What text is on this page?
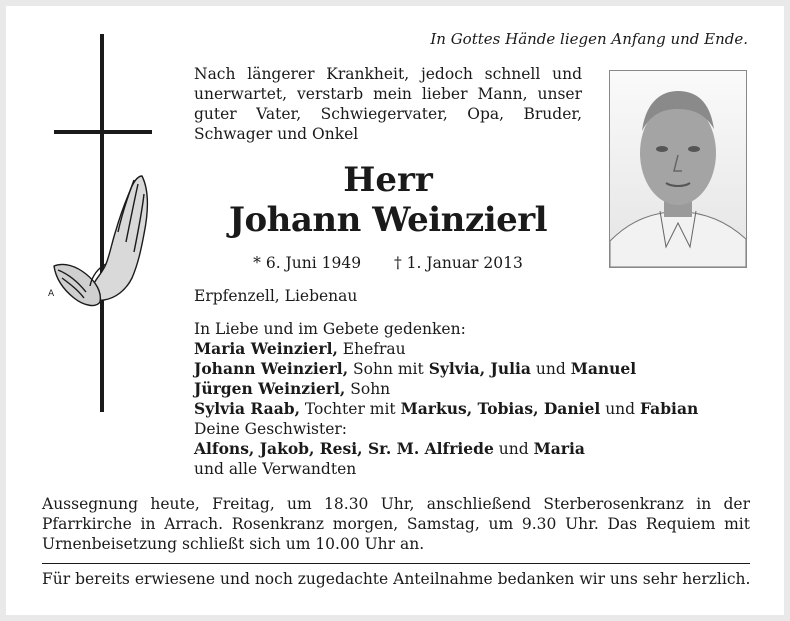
In Gottes Hände liegen Anfang und Ende.
A
Nach längerer Krankheit, jedoch schnell und unerwartet, verstarb mein lieber Mann, unser guter Vater, Schwiegervater, Opa, Bruder, Schwager und Onkel
Herr
Johann Weinzierl
* 6. Juni 1949 † 1. Januar 2013
Erpfenzell, Liebenau
In Liebe und im Gebete gedenken:
Maria Weinzierl, Ehefrau
Johann Weinzierl, Sohn mit Sylvia, Julia und Manuel
Jürgen Weinzierl, Sohn
Sylvia Raab, Tochter mit Markus, Tobias, Daniel und Fabian
Deine Geschwister:
Alfons, Jakob, Resi, Sr. M. Alfriede und Maria
und alle Verwandten
Aussegnung heute, Freitag, um 18.30 Uhr, anschließend Sterberosenkranz in der Pfarrkirche in Arrach. Rosenkranz morgen, Samstag, um 9.30 Uhr. Das Requiem mit Urnenbeisetzung schließt sich um 10.00 Uhr an.
Für bereits erwiesene und noch zugedachte Anteilnahme bedanken wir uns sehr herzlich.
